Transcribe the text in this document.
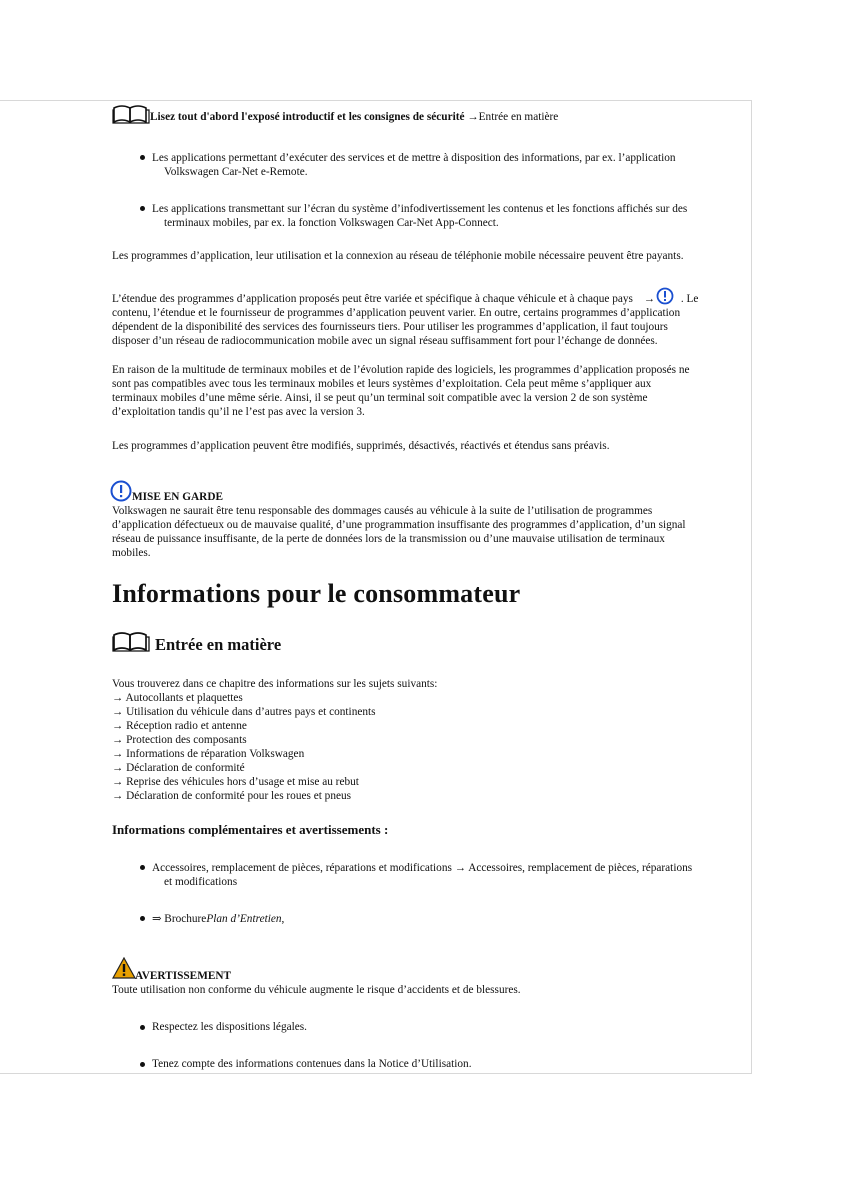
Lisez tout d'abord l'exposé introductif et les consignes de sécurité →Entrée en matière
Les applications permettant d’exécuter des services et de mettre à disposition des informations, par ex. l’application
Volkswagen Car-Net e-Remote.
Les applications transmettant sur l’écran du système d’infodivertissement les contenus et les fonctions affichés sur des
terminaux mobiles, par ex. la fonction Volkswagen Car-Net App-Connect.
Les programmes d’application, leur utilisation et la connexion au réseau de téléphonie mobile nécessaire peuvent être payants.
L’étendue des programmes d’application proposés peut être variée et spécifique à chaque véhicule et à chaque pays → . Le
contenu, l’étendue et le fournisseur de programmes d’application peuvent varier. En outre, certains programmes d’application
dépendent de la disponibilité des services des fournisseurs tiers. Pour utiliser les programmes d’application, il faut toujours
disposer d’un réseau de radiocommunication mobile avec un signal réseau suffisamment fort pour l’échange de données.
En raison de la multitude de terminaux mobiles et de l’évolution rapide des logiciels, les programmes d’application proposés ne
sont pas compatibles avec tous les terminaux mobiles et leurs systèmes d’exploitation. Cela peut même s’appliquer aux
terminaux mobiles d’une même série. Ainsi, il se peut qu’un terminal soit compatible avec la version 2 de son système
d’exploitation tandis qu’il ne l’est pas avec la version 3.
Les programmes d’application peuvent être modifiés, supprimés, désactivés, réactivés et étendus sans préavis.
MISE EN GARDE
Volkswagen ne saurait être tenu responsable des dommages causés au véhicule à la suite de l’utilisation de programmes
d’application défectueux ou de mauvaise qualité, d’une programmation insuffisante des programmes d’application, d’un signal
réseau de puissance insuffisante, de la perte de données lors de la transmission ou d’une mauvaise utilisation de terminaux
mobiles.
Informations pour le consommateur
Entrée en matière
Vous trouverez dans ce chapitre des informations sur les sujets suivants:
→ Autocollants et plaquettes
→ Utilisation du véhicule dans d’autres pays et continents
→ Réception radio et antenne
→ Protection des composants
→ Informations de réparation Volkswagen
→ Déclaration de conformité
→ Reprise des véhicules hors d’usage et mise au rebut
→ Déclaration de conformité pour les roues et pneus
Informations complémentaires et avertissements :
Accessoires, remplacement de pièces, réparations et modifications → Accessoires, remplacement de pièces, réparations
et modifications
⇒ BrochurePlan d’Entretien,
AVERTISSEMENT
Toute utilisation non conforme du véhicule augmente le risque d’accidents et de blessures.
Respectez les dispositions légales.
Tenez compte des informations contenues dans la Notice d’Utilisation.
